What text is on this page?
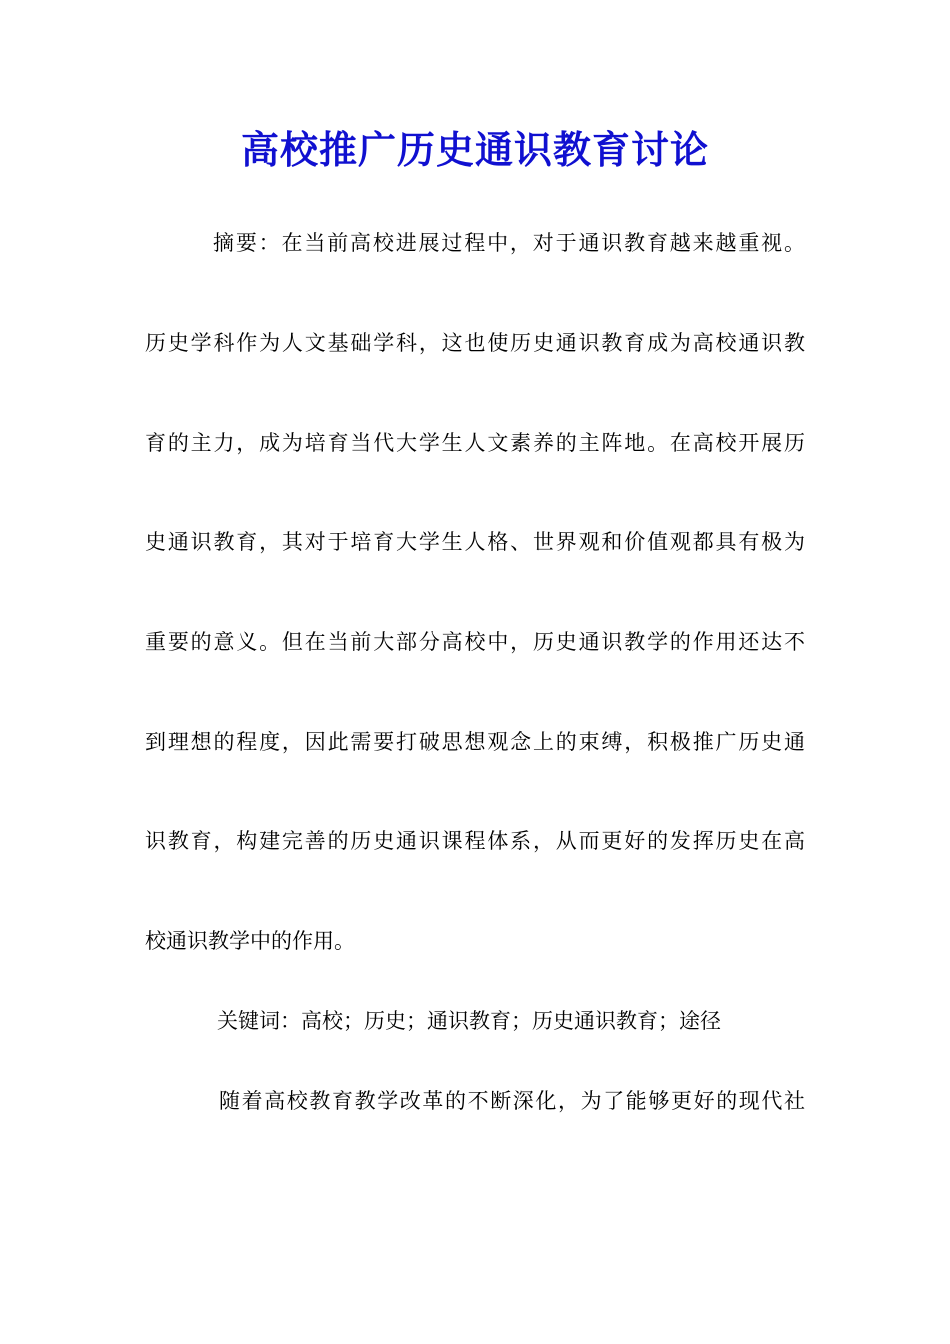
高校推广历史通识教育讨论
摘要：在当前高校进展过程中，对于通识教育越来越重视。
历史学科作为人文基础学科，这也使历史通识教育成为高校通识教
育的主力，成为培育当代大学生人文素养的主阵地。在高校开展历
史通识教育，其对于培育大学生人格、世界观和价值观都具有极为
重要的意义。但在当前大部分高校中，历史通识教学的作用还达不
到理想的程度，因此需要打破思想观念上的束缚，积极推广历史通
识教育，构建完善的历史通识课程体系，从而更好的发挥历史在高
校通识教学中的作用。
关键词：高校；历史；通识教育；历史通识教育；途径
随着高校教育教学改革的不断深化，为了能够更好的现代社
